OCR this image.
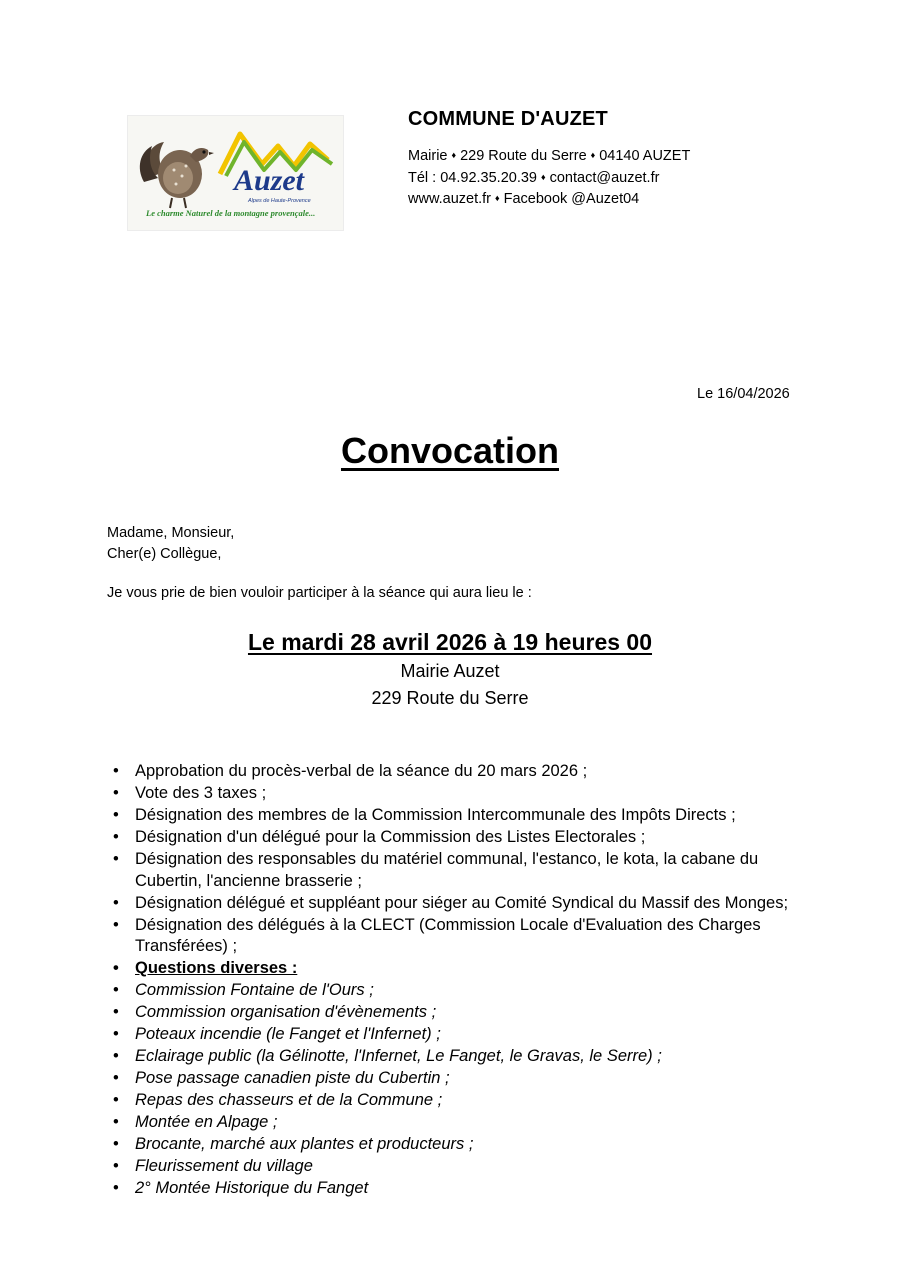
Auzet
Alpes de Haute-Provence
Le charme Naturel de la montagne provençale...
COMMUNE D'AUZET
Mairie ♦ 229 Route du Serre ♦ 04140 AUZET
Tél : 04.92.35.20.39 ♦ contact@auzet.fr
www.auzet.fr ♦ Facebook @Auzet04
Le 16/04/2026
Convocation
Madame, Monsieur,
Cher(e) Collègue,
Je vous prie de bien vouloir participer à la séance qui aura lieu le :
Le mardi 28 avril 2026 à 19 heures 00
Mairie Auzet
229 Route du Serre
• Approbation du procès-verbal de la séance du 20 mars 2026 ;
• Vote des 3 taxes ;
• Désignation des membres de la Commission Intercommunale des Impôts Directs ;
• Désignation d'un délégué pour la Commission des Listes Electorales ;
• Désignation des responsables du matériel communal, l'estanco, le kota, la cabane du Cubertin, l'ancienne brasserie ;
• Désignation délégué et suppléant pour siéger au Comité Syndical du Massif des Monges;
• Désignation des délégués à la CLECT (Commission Locale d'Evaluation des Charges Transférées) ;
• Questions diverses :
• Commission Fontaine de l'Ours ;
• Commission organisation d'évènements ;
• Poteaux incendie (le Fanget et l'Infernet) ;
• Eclairage public (la Gélinotte, l'Infernet, Le Fanget, le Gravas, le Serre) ;
• Pose passage canadien piste du Cubertin ;
• Repas des chasseurs et de la Commune ;
• Montée en Alpage ;
• Brocante, marché aux plantes et producteurs ;
• Fleurissement du village
• 2° Montée Historique du Fanget
